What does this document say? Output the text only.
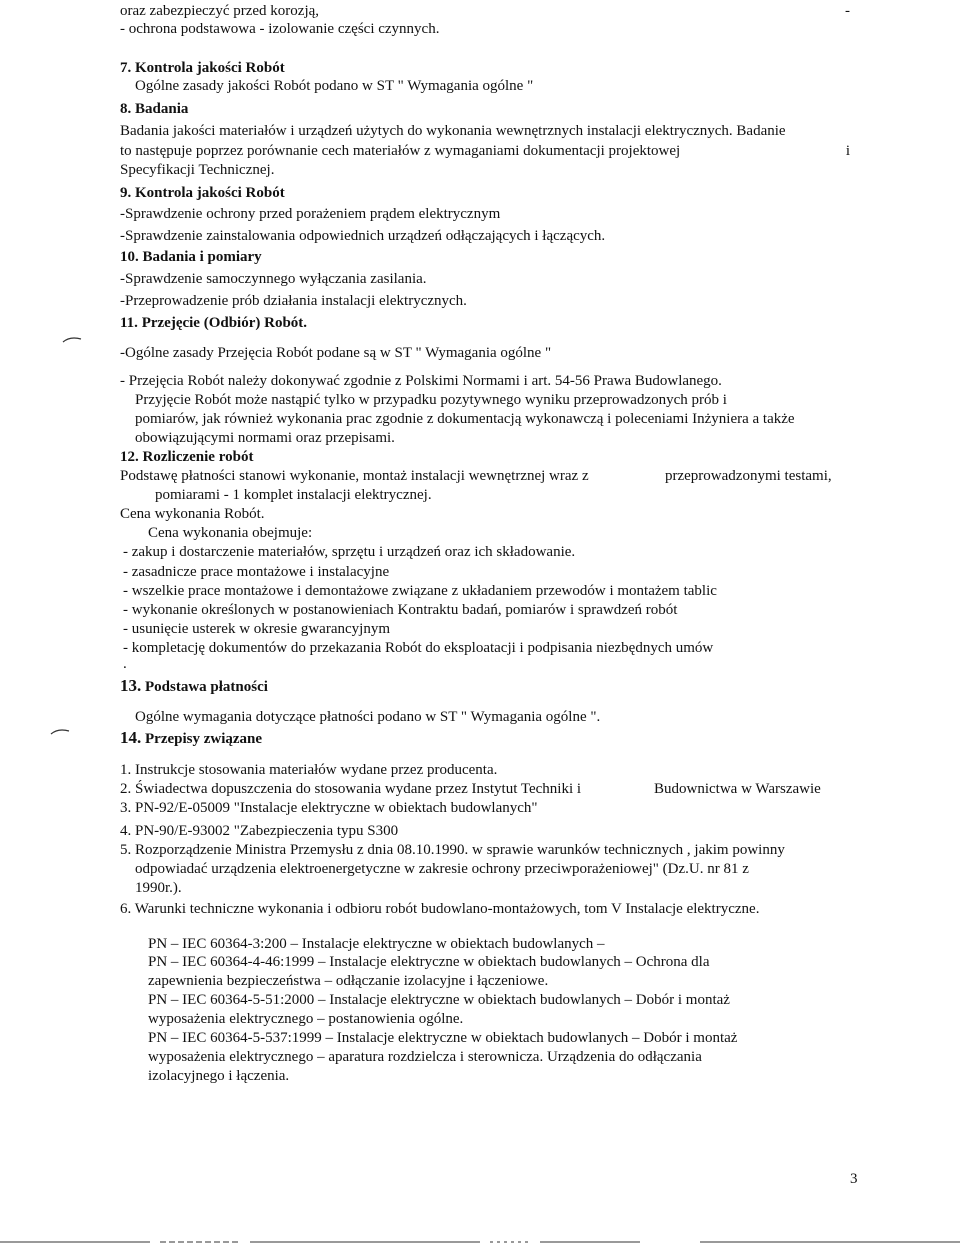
oraz zabezpieczyć przed korozją,	-
- ochrona podstawowa - izolowanie części czynnych.
7. Kontrola jakości Robót
Ogólne zasady jakości Robót podano w ST " Wymagania ogólne "
8. Badania
Badania jakości materiałów i urządzeń użytych do wykonania wewnętrznych instalacji elektrycznych. Badanie
to następuje poprzez porównanie cech materiałów z wymaganiami dokumentacji projektowej	i
Specyfikacji Technicznej.
9. Kontrola jakości Robót
-Sprawdzenie ochrony przed porażeniem prądem elektrycznym
-Sprawdzenie zainstalowania odpowiednich urządzeń odłączających i łączących.
10. Badania i pomiary
-Sprawdzenie samoczynnego wyłączania zasilania.
-Przeprowadzenie prób działania instalacji elektrycznych.
11. Przejęcie (Odbiór) Robót.
-Ogólne zasady Przejęcia Robót podane są w ST " Wymagania ogólne "
- Przejęcia Robót należy dokonywać zgodnie z Polskimi Normami i art. 54-56 Prawa Budowlanego.
Przyjęcie Robót może nastąpić tylko w przypadku pozytywnego wyniku przeprowadzonych prób i
pomiarów, jak również wykonania prac zgodnie z dokumentacją wykonawczą i poleceniami Inżyniera a także
obowiązującymi normami oraz przepisami.
12. Rozliczenie robót
Podstawę płatności stanowi wykonanie, montaż instalacji wewnętrznej wraz z	przeprowadzonymi testami,
pomiarami - 1 komplet instalacji elektrycznej.
Cena wykonania Robót.
Cena wykonania obejmuje:
- zakup i dostarczenie materiałów, sprzętu i urządzeń oraz ich składowanie.
- zasadnicze prace montażowe i instalacyjne
- wszelkie prace montażowe i demontażowe związane z układaniem przewodów i montażem tablic
- wykonanie określonych w postanowieniach Kontraktu badań, pomiarów i sprawdzeń robót
- usunięcie usterek w okresie gwarancyjnym
- kompletację dokumentów do przekazania Robót do eksploatacji i podpisania niezbędnych umów
.
13. Podstawa płatności
Ogólne wymagania dotyczące płatności podano w ST " Wymagania ogólne ".
14. Przepisy związane
1. Instrukcje stosowania materiałów wydane przez producenta.
2. Świadectwa dopuszczenia do stosowania wydane przez Instytut Techniki i	Budownictwa w Warszawie
3. PN-92/E-05009 "Instalacje elektryczne w obiektach budowlanych"
4. PN-90/E-93002 "Zabezpieczenia typu S300
5. Rozporządzenie Ministra Przemysłu z dnia 08.10.1990. w sprawie warunków technicznych , jakim powinny
odpowiadać urządzenia elektroenergetyczne w zakresie ochrony przeciwporażeniowej" (Dz.U. nr 81 z
1990r.).
6. Warunki techniczne wykonania i odbioru robót budowlano-montażowych, tom V Instalacje elektryczne.
PN – IEC 60364-3:200 – Instalacje elektryczne w obiektach budowlanych –
PN – IEC 60364-4-46:1999 – Instalacje elektryczne w obiektach budowlanych – Ochrona dla
zapewnienia bezpieczeństwa – odłączanie izolacyjne i łączeniowe.
PN – IEC 60364-5-51:2000 – Instalacje elektryczne w obiektach budowlanych – Dobór i montaż
wyposażenia elektrycznego – postanowienia ogólne.
PN – IEC 60364-5-537:1999 – Instalacje elektryczne w obiektach budowlanych – Dobór i montaż
wyposażenia elektrycznego – aparatura rozdzielcza i sterownicza. Urządzenia do odłączania
izolacyjnego i łączenia.
3
